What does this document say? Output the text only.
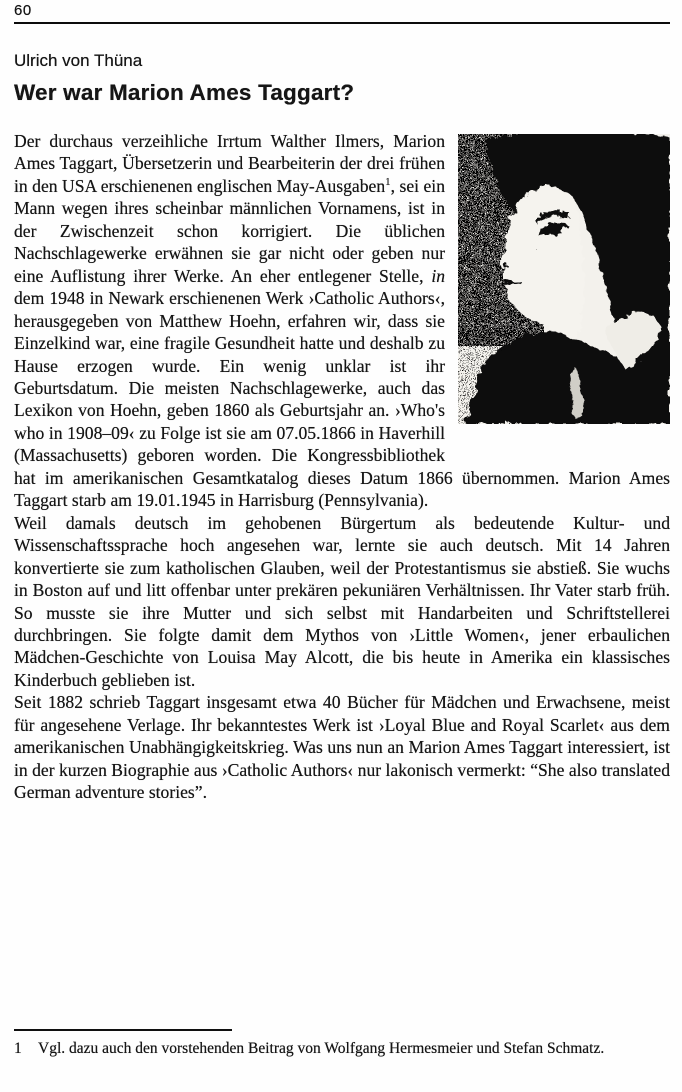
60
Ulrich von Thüna
Wer war Marion Ames Taggart?

Der durchaus verzeihliche Irrtum Walther Ilmers, Marion Ames Taggart, Übersetzerin und Bearbeiterin der drei frühen in den USA erschienenen englischen May-Ausgaben$^1$, sei ein Mann wegen ihres scheinbar männlichen Vornamens, ist in der Zwischenzeit schon korrigiert. Die üblichen Nachschlagewerke erwähnen sie gar nicht oder geben nur eine Auflistung ihrer Werke. An eher entlegener Stelle, in dem 1948 in Newark erschienenen Werk ›Catholic Authors‹, herausgegeben von Matthew Hoehn, erfahren wir, dass sie Einzelkind war, eine fragile Gesundheit hatte und deshalb zu Hause erzogen wurde. Ein wenig unklar ist ihr Geburtsdatum. Die meisten Nachschlagewerke, auch das Lexikon von Hoehn, geben 1860 als Geburtsjahr an. ›Who's who in 1908–09‹ zu Folge ist sie am 07.05.1866 in Haverhill (Massachusetts) geboren worden. Die Kongressbibliothek hat im amerikanischen Gesamtkatalog dieses Datum 1866 übernommen. Marion Ames Taggart starb am 19.01.1945 in Harrisburg (Pennsylvania).

Weil damals deutsch im gehobenen Bürgertum als bedeutende Kultur- und Wissenschaftssprache hoch angesehen war, lernte sie auch deutsch. Mit 14 Jahren konvertierte sie zum katholischen Glauben, weil der Protestantismus sie abstieß. Sie wuchs in Boston auf und litt offenbar unter prekären pekuniären Verhältnissen. Ihr Vater starb früh. So musste sie ihre Mutter und sich selbst mit Handarbeiten und Schriftstellerei durchbringen. Sie folgte damit dem Mythos von ›Little Women‹, jener erbaulichen Mädchen-Geschichte von Louisa May Alcott, die bis heute in Amerika ein klassisches Kinderbuch geblieben ist.

Seit 1882 schrieb Taggart insgesamt etwa 40 Bücher für Mädchen und Erwachsene, meist für angesehene Verlage. Ihr bekanntestes Werk ist ›Loyal Blue and Royal Scarlet‹ aus dem amerikanischen Unabhängigkeitskrieg. Was uns nun an Marion Ames Taggart interessiert, ist in der kurzen Biographie aus ›Catholic Authors‹ nur lakonisch vermerkt: “She also translated German adventure stories”.

1	Vgl. dazu auch den vorstehenden Beitrag von Wolfgang Hermesmeier und Stefan Schmatz.
